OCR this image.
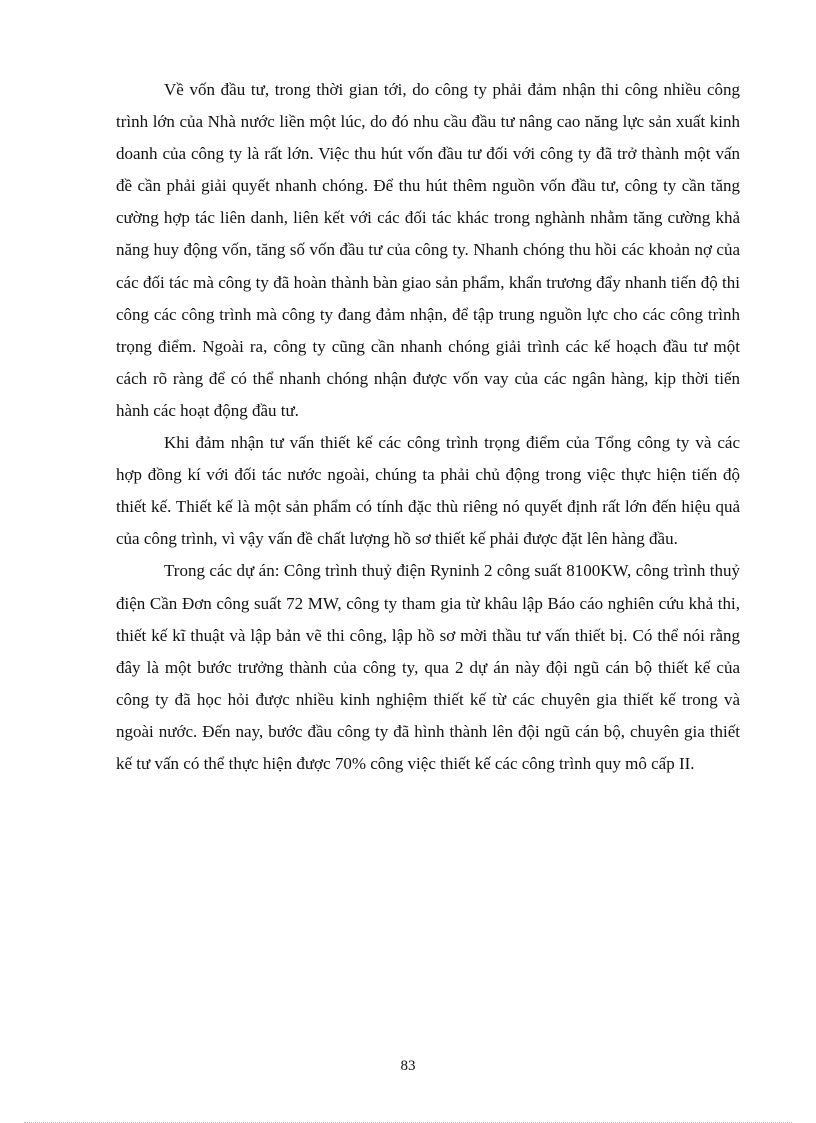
Về vốn đầu tư, trong thời gian tới, do công ty phải đảm nhận thi công nhiều công trình lớn của Nhà nước liền một lúc, do đó nhu cầu đầu tư nâng cao năng lực sản xuất kinh doanh của công ty là rất lớn. Việc thu hút vốn đầu tư đối với công ty đã trở thành một vấn đề cần phải giải quyết nhanh chóng. Để thu hút thêm nguồn vốn đầu tư, công ty cần tăng cường hợp tác liên danh, liên kết với các đối tác khác trong nghành nhằm tăng cường khả năng huy động vốn, tăng số vốn đầu tư của công ty. Nhanh chóng thu hồi các khoản nợ của các đối tác mà công ty đã hoàn thành bàn giao sản phẩm, khẩn trương đẩy nhanh tiến độ thi công các công trình mà công ty đang đảm nhận, để tập trung nguồn lực cho các công trình trọng điểm. Ngoài ra, công ty cũng cần nhanh chóng giải trình các kế hoạch đầu tư một cách rõ ràng để có thể nhanh chóng nhận được vốn vay của các ngân hàng, kịp thời tiến hành các hoạt động đầu tư.

Khi đảm nhận tư vấn thiết kế các công trình trọng điểm của Tổng công ty và các hợp đồng kí với đối tác nước ngoài, chúng ta phải chủ động trong việc thực hiện tiến độ thiết kế. Thiết kế là một sản phẩm có tính đặc thù riêng nó quyết định rất lớn đến hiệu quả của công trình, vì vậy vấn đề chất lượng hồ sơ thiết kế phải được đặt lên hàng đầu.

Trong các dự án: Công trình thuỷ điện Ryninh 2 công suất 8100KW, công trình thuỷ điện Cần Đơn công suất 72 MW, công ty tham gia từ khâu lập Báo cáo nghiên cứu khả thi, thiết kế kĩ thuật và lập bản vẽ thi công, lập hồ sơ mời thầu tư vấn thiết bị. Có thể nói rằng đây là một bước trưởng thành của công ty, qua 2 dự án này đội ngũ cán bộ thiết kế của công ty đã học hỏi được nhiều kinh nghiệm thiết kế từ các chuyên gia thiết kế trong và ngoài nước. Đến nay, bước đầu công ty đã hình thành lên đội ngũ cán bộ, chuyên gia thiết kế tư vấn có thể thực hiện được 70% công việc thiết kế các công trình quy mô cấp II.

83
